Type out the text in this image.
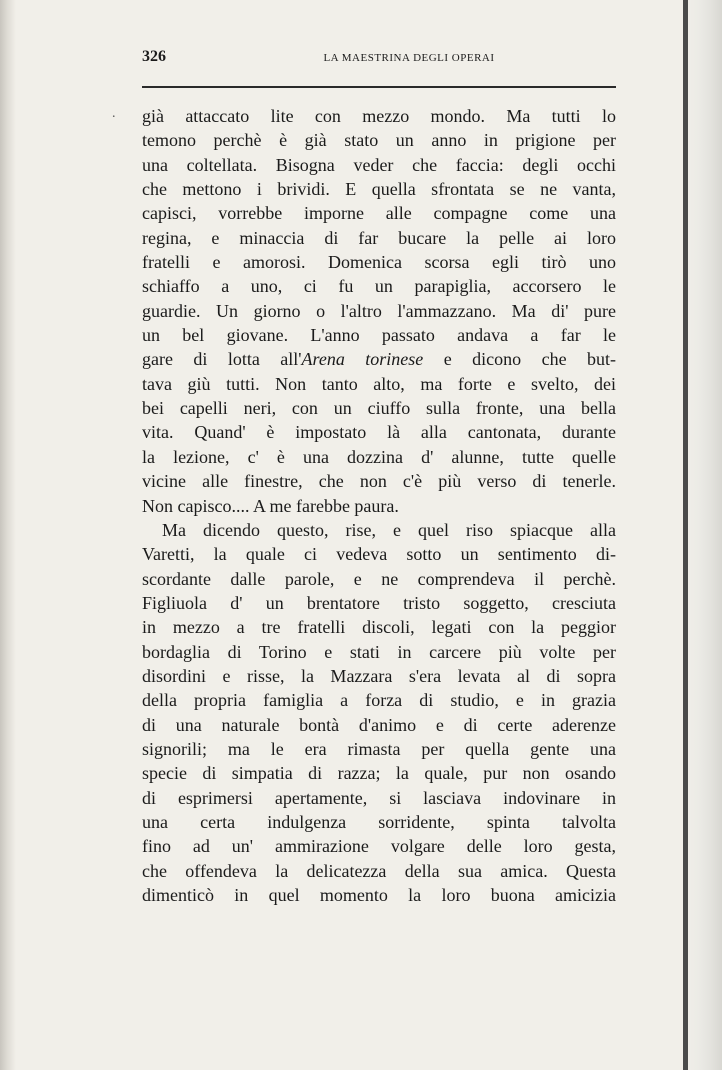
326	LA MAESTRINA DEGLI OPERAI
. già attaccato lite con mezzo mondo. Ma tutti lo
temono perchè è già stato un anno in prigione per
una coltellata. Bisogna veder che faccia: degli occhi
che mettono i brividi. E quella sfrontata se ne vanta,
capisci, vorrebbe imporne alle compagne come una
regina, e minaccia di far bucare la pelle ai loro
fratelli e amorosi. Domenica scorsa egli tirò uno
schiaffo a uno, ci fu un parapiglia, accorsero le
guardie. Un giorno o l'altro l'ammazzano. Ma di' pure
un bel giovane. L'anno passato andava a far le
gare di lotta all'Arena torinese e dicono che but-
tava giù tutti. Non tanto alto, ma forte e svelto, dei
bei capelli neri, con un ciuffo sulla fronte, una bella
vita. Quand' è impostato là alla cantonata, durante
la lezione, c' è una dozzina d' alunne, tutte quelle
vicine alle finestre, che non c'è più verso di tenerle.
Non capisco.... A me farebbe paura.
Ma dicendo questo, rise, e quel riso spiacque alla
Varetti, la quale ci vedeva sotto un sentimento di-
scordante dalle parole, e ne comprendeva il perchè.
Figliuola d' un brentatore tristo soggetto, cresciuta
in mezzo a tre fratelli discoli, legati con la peggior
bordaglia di Torino e stati in carcere più volte per
disordini e risse, la Mazzara s'era levata al di sopra
della propria famiglia a forza di studio, e in grazia
di una naturale bontà d'animo e di certe aderenze
signorili; ma le era rimasta per quella gente una
specie di simpatia di razza; la quale, pur non osando
di esprimersi apertamente, si lasciava indovinare in
una certa indulgenza sorridente, spinta talvolta
fino ad un' ammirazione volgare delle loro gesta,
che offendeva la delicatezza della sua amica. Questa
dimenticò in quel momento la loro buona amicizia
